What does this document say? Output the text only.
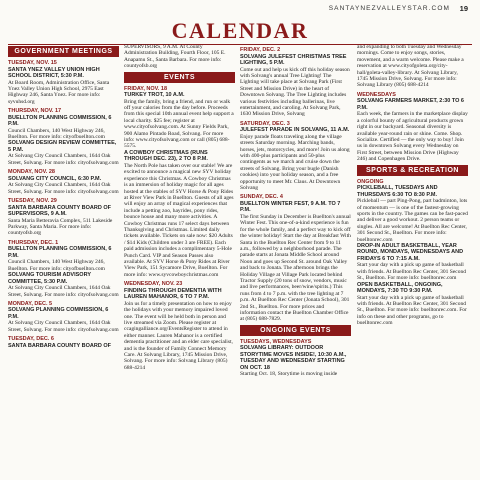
SANTAYNEZVALLEYSTAR.COM 19
CALENDAR
GOVERNMENT MEETINGS
TUESDAY, NOV. 15
SANTA YNEZ VALLEY UNION HIGH SCHOOL DISTRICT, 5:30 P.M.
At Board Room, Administration Office, Santa Ynez Valley Union High School, 2975 East Highway 246, Santa Ynez. For more info: syvuhsd.org
THURSDAY, NOV. 17
BUELLTON PLANNING COMMISSION, 6 P.M.
Council Chambers, 140 West Highway 246, Buellton. For more info: cityofbuellton.com
SOLVANG DESIGN REVIEW COMMITTEE, 5 P.M.
At Solvang City Council Chambers, 1644 Oak Street, Solvang. For more info: cityofsolvang.com
MONDAY, NOV. 28
SOLVANG CITY COUNCIL, 6:30 P.M.
At Solvang City Council Chambers, 1644 Oak Street, Solvang. For more info: cityofsolvang.com
TUESDAY, NOV. 29
SANTA BARBARA COUNTY BOARD OF SUPERVISORS, 9 A.M.
Santa Maria Betteravia Complex, 511 Lakeside Parkway, Santa Maria. For more info: countyofsb.org
THURSDAY, DEC. 1
BUELLTON PLANNING COMMISSION, 6 P.M.
Council Chambers, 140 West Highway 246, Buellton. For more info: cityofbuellton.com
SOLVANG TOURISM ADVISORY COMMITTEE, 5:30 P.M.
At Solvang City Council Chambers, 1644 Oak Street, Solvang. For more info: cityofsolvang.com
MONDAY, DEC. 5
SOLVANG PLANNING COMMISSION, 6 P.M.
At Solvang City Council Chambers, 1644 Oak Street, Solvang. For more info: cityofsolvang.com
TUESDAY, DEC. 6
SANTA BARBARA COUNTY BOARD OF
SUPERVISORS, 9 A.M. At County Administration Building, Fourth Floor, 105 E. Anapamu St., Santa Barbara. For more info: countyofsb.org
EVENTS
FRIDAY, NOV. 18
TURKEY TROT, 10 A.M.
Bring the family, bring a friend, and run or walk off your calories from the day before. Proceeds from this special 10th annual event help support a local charity. $25 fee; register at www.cityofsolvang.com. At Sunny Fields Park, 900 Alamo Pintado Road, Solvang. For more info: www.cityofsolvang.com or call (805) 688-5575.
A COWBOY CHRISTMAS (RUNS THROUGH DEC. 23), 2 TO 8 P.M.
The North Pole has taken over our stable! We are excited to announce a magical new SYV holiday experience this Christmas. A Cowboy Christmas is an immersion of holiday magic for all ages hosted at the stables of SYV Horse & Pony Rides at River View Park in Buellton. Guests of all ages will enjoy an array of magical experiences that include a petting zoo, hayrides, pony rides, bounce house and many more activities. A Cowboy Christmas runs 17 select days between Thanksgiving and Christmas. Limited daily tickets available. Tickets on sale now: $20 Adults / $14 Kids (Children under 3 are FREE). Each paid admission includes a complimentary 5-Hole Punch Card. VIP and Season Passes also available. At SYV Horse & Pony Rides at River View Park, 151 Sycamore Drive, Buellton. For more info: www.syvcowboychristmas.com
WEDNESDAY, NOV. 23
FINDING THROUGH DEMENTIA WITH LAUREN MAHANOR, 6 TO 7 P.M.
Join us for a timely presentation on how to enjoy the holidays with your memory impaired loved one. The event will be held both in person and live streamed via Zoom. Please register at ccagingalliance.org/EventsRegister to attend in either manner. Lauren Mahanor is a certified dementia practitioner and an elder care specialist, and is the founder of Family Connect Memory Care. At Solvang Library, 1745 Mission Drive, Solvang. For more info: Solvang Library (805) 688-4214
FRIDAY, DEC. 2
SOLVANG JULEFEST CHRISTMAS TREE LIGHTING, 5 P.M.
Come out and help us kick off this holiday season with Solvang's annual Tree Lighting! The Lighting will take place at Solvang Park (First Street and Mission Drive) in the heart of Downtown Solvang. The Tree Lighting includes various festivities including ballerinas, live entertainment, and caroling. At Solvang Park, 1630 Mission Drive, Solvang
SATURDAY, DEC. 3
JULEFEST PARADE IN SOLVANG, 11 A.M.
Enjoy parade floats traveling along the village streets Saturday morning. Marching bands, horses, jets, motorcycles, and more! Join us along with 400-plus participants and 50-plus contingents as we march and cruise down the streets of Solvang. Bring your bugle (Danish cookies) into your holiday season, and a free opportunity to meet Mr. Claus. At Downtown Solvang
SUNDAY, DEC. 4
BUELLTON WINTER FEST, 9 A.M. TO 7 P.M.
The first Sunday in December is Buellton's annual Winter Fest. This one-of-a-kind experience is fun for the whole family, and a perfect way to kick off the winter holiday! Start the day at Breakfast With Santa in the Buellton Rec Center from 9 to 11 a.m., followed by a neighborhood parade. The parade starts at Jonata Middle School around Noon and goes up Second St. around Oak Valley and back to Jonata. The afternoon brings the Holiday Village at Village Park located behind Tractor Supply (20 tons of snow, vendors, music and live performances, beer/wine/spirits.) This runs from 4 to 7 p.m. with the tree lighting at 7 p.m. At Buellton Rec Center (Jonata School), 301 2nd St., Buellton. For more prices and information contact the Buellton Chamber Office at (805) 688-7829.
ONGOING EVENTS
TUESDAYS, WEDNESDAYS
SOLVANG LIBRARY: OUTDOOR STORYTIME MOVES INSIDE!, 10:30 A.M., TUESDAY AND WEDNESDAY STARTING ON OCT. 18
Starting Oct. 18, Storytime is moving inside
and expanding to both Tuesday and Wednesday mornings. Come to enjoy songs, stories, movement, and a warm welcome. Please make a reservation at www.cityofgoleta.org/city-hall/goleta-valley-library. At Solvang Library, 1745 Mission Drive, Solvang. For more info: Solvang Library (805) 688-4214
WEDNESDAYS
SOLVANG FARMERS MARKET, 2:30 TO 6 P.M.
Each week, the farmers in the marketplace display a colorful bounty of agricultural products grown right in our backyard. Seasonal diversity is available year-round rain or shine. Come. Shop. Socialize. Certified — the only way to buy! Join us in downtown Solvang every Wednesday on First Street, between Mission Drive (Highway 246) and Copenhagen Drive.
SPORTS & RECREATION
ONGOING
PICKLEBALL, TUESDAYS AND THURSDAYS 6:30 TO 8:30 P.M.
Pickleball — part Ping-Pong, part badminton, lots of momentum — is one of the fastest-growing sports in the country. The games can be fast-paced and deliver a good workout. 2 person teams or singles. All are welcome! At Buellton Rec Center, 301 Second St., Buellton. For more info: buelltonrec.com
DROP-IN ADULT BASKETBALL, YEAR ROUND, MONDAYS, WEDNESDAYS AND FRIDAYS 6 TO 7:15 A.M.
Start your day with a pick up game of basketball with friends. At Buellton Rec Center, 301 Second St., Buellton. For more info: buelltonrec.com
OPEN BASKETBALL, ONGOING, MONDAYS, 7:30 TO 9:30 P.M.
Start your day with a pick up game of basketball with friends. At Buellton Rec Center, 301 Second St., Buellton. For more info: buelltonrec.com. For info on these and other programs, go to buelltonrec.com
